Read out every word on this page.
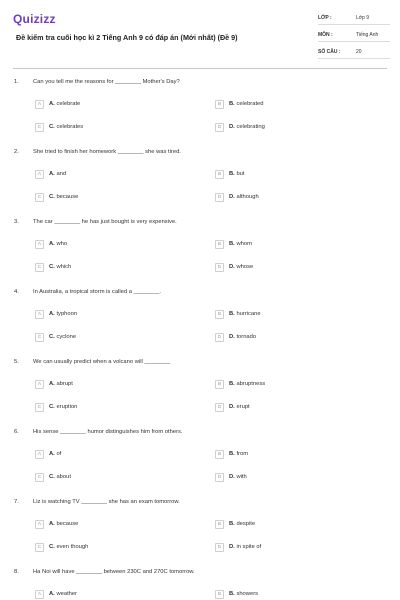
Quizizz
Đề kiểm tra cuối học kì 2 Tiếng Anh 9 có đáp án (Mới nhất) (Đề 9)
LỚP :	Lớp 9
MÔN :	Tiếng Anh
SỐ CÂU :	20
1. Can you tell me the reasons for ________ Mother's Day?
A	A. celebrate	B	B. celebrated
C	C. celebrates	D	D. celebrating
2. She tried to finish her homework ________ she was tired.
A	A. and	B	B. but
C	C. because	D	D. although
3. The car ________ he has just bought is very expensive.
A	A. who	B	B. whom
C	C. which	D	D. whose
4. In Australia, a tropical storm is called a ________.
A	A. typhoon	B	B. hurricane
C	C. cyclone	D	D. tornado
5. We can usually predict when a volcano will ________
A	A. abrupt	B	B. abruptness
C	C. eruption	D	D. erupt
6. His sense ________ humor distinguishes him from others.
A	A. of	B	B. from
C	C. about	D	D. with
7. Liz is watching TV ________ she has an exam tomorrow.
A	A. because	B	B. despite
C	C. even though	D	D. in spite of
8. Ha Noi will have ________ between 230C and 270C tomorrow.
A	A. weather	B	B. showers
